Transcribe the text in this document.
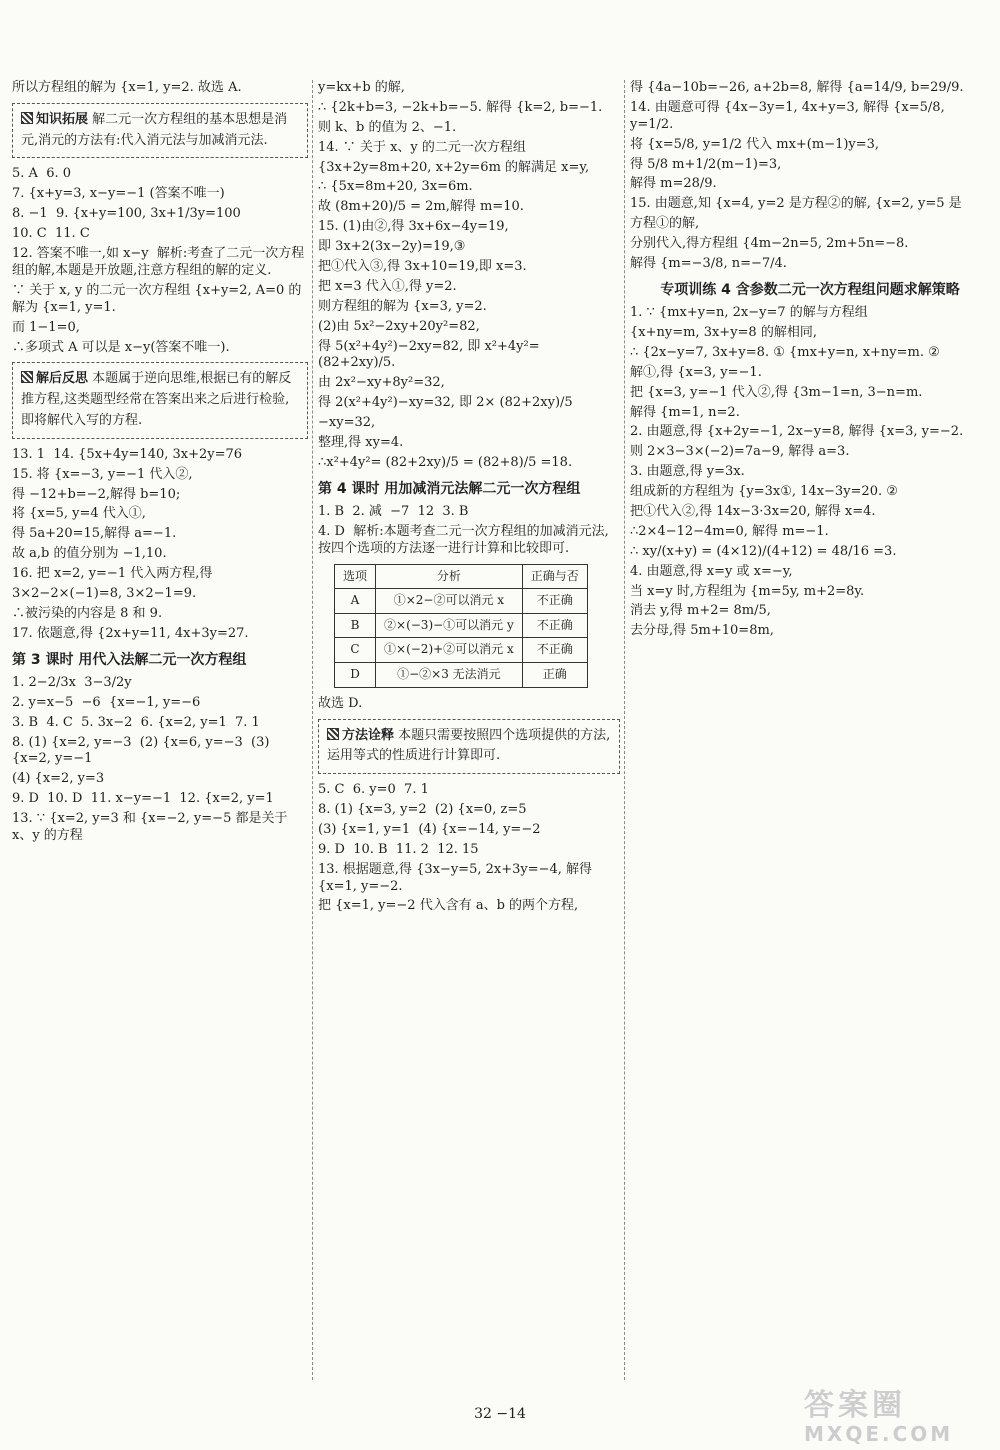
所以方程组的解为 {x=1, y=2. 故选 A.
知识拓展 解二元一次方程组的基本思想是消元,消元的方法有:代入消元法与加减消元法.
5. A  6. 0
7. {x+y=3, x−y=−1 (答案不唯一)
8. −1  9. {x+y=100, 3x+1/3y=100
10. C  11. C
12. 答案不唯一,如 x−y  解析:考查了二元一次方程组的解,本题是开放题,注意方程组的解的定义.
∵ 关于 x, y 的二元一次方程组 {x+y=2, A=0 的解为 {x=1, y=1.
而 1−1=0,
∴多项式 A 可以是 x−y(答案不唯一).
解后反思 本题属于逆向思维,根据已有的解反推方程,这类题型经常在答案出来之后进行检验,即将解代入写的方程.
13. 1  14. {5x+4y=140, 3x+2y=76
15. 将 {x=−3, y=−1 代入②,
得 −12+b=−2,解得 b=10;
将 {x=5, y=4 代入①,
得 5a+20=15,解得 a=−1.
故 a,b 的值分别为 −1,10.
16. 把 x=2, y=−1 代入两方程,得
3×2−2×(−1)=8, 3×2−1=9.
∴被污染的内容是 8 和 9.
17. 依题意,得 {2x+y=11, 4x+3y=27.
第 3 课时 用代入法解二元一次方程组
1. 2−2/3x  3−3/2y
2. y=x−5  −6  {x=−1, y=−6
3. B  4. C  5. 3x−2  6. {x=2, y=1  7. 1
8. (1) {x=2, y=−3  (2) {x=6, y=−3  (3) {x=2, y=−1
(4) {x=2, y=3
9. D  10. D  11. x−y=−1  12. {x=2, y=1
13. ∵ {x=2, y=3 和 {x=−2, y=−5 都是关于 x、y 的方程
y=kx+b 的解,
∴ {2k+b=3, −2k+b=−5. 解得 {k=2, b=−1.
则 k、b 的值为 2、−1.
14. ∵ 关于 x、y 的二元一次方程组
{3x+2y=8m+20, x+2y=6m 的解满足 x=y,
∴ {5x=8m+20, 3x=6m.
故 (8m+20)/5 = 2m,解得 m=10.
15. (1)由②,得 3x+6x−4y=19,
即 3x+2(3x−2y)=19,③
把①代入③,得 3x+10=19,即 x=3.
把 x=3 代入①,得 y=2.
则方程组的解为 {x=3, y=2.
(2)由 5x²−2xy+20y²=82,
得 5(x²+4y²)−2xy=82, 即 x²+4y²= (82+2xy)/5.
由 2x²−xy+8y²=32,
得 2(x²+4y²)−xy=32, 即 2× (82+2xy)/5
−xy=32,
整理,得 xy=4.
∴x²+4y²= (82+2xy)/5 = (82+8)/5 =18.
第 4 课时 用加减消元法解二元一次方程组
1. B  2. 减  −7  12  3. B
4. D  解析:本题考查二元一次方程组的加减消元法,按四个选项的方法逐一进行计算和比较即可.
选项	分析	正确与否
A	①×2−②可以消元 x	不正确
B	②×(−3)−①可以消元 y	不正确
C	①×(−2)+②可以消元 x	不正确
D	①−②×3 无法消元	正确
故选 D.
方法诠释 本题只需要按照四个选项提供的方法,运用等式的性质进行计算即可.
5. C  6. y=0  7. 1
8. (1) {x=3, y=2  (2) {x=0, z=5
(3) {x=1, y=1  (4) {x=−14, y=−2
9. D  10. B  11. 2  12. 15
13. 根据题意,得 {3x−y=5, 2x+3y=−4, 解得 {x=1, y=−2.
把 {x=1, y=−2 代入含有 a、b 的两个方程,
得 {4a−10b=−26, a+2b=8, 解得 {a=14/9, b=29/9.
14. 由题意可得 {4x−3y=1, 4x+y=3, 解得 {x=5/8, y=1/2.
将 {x=5/8, y=1/2 代入 mx+(m−1)y=3,
得 5/8 m+1/2(m−1)=3,
解得 m=28/9.
15. 由题意,知 {x=4, y=2 是方程②的解, {x=2, y=5 是
方程①的解,
分别代入,得方程组 {4m−2n=5, 2m+5n=−8.
解得 {m=−3/8, n=−7/4.
专项训练 4 含参数二元一次方程组问题求解策略
1. ∵ {mx+y=n, 2x−y=7 的解与方程组
{x+ny=m, 3x+y=8 的解相同,
∴ {2x−y=7, 3x+y=8. ① {mx+y=n, x+ny=m. ②
解①,得 {x=3, y=−1.
把 {x=3, y=−1 代入②,得 {3m−1=n, 3−n=m.
解得 {m=1, n=2.
2. 由题意,得 {x+2y=−1, 2x−y=8, 解得 {x=3, y=−2.
则 2×3−3×(−2)=7a−9, 解得 a=3.
3. 由题意,得 y=3x.
组成新的方程组为 {y=3x①, 14x−3y=20. ②
把①代入②,得 14x−3·3x=20, 解得 x=4.
∴2×4−12−4m=0, 解得 m=−1.
∴ xy/(x+y) = (4×12)/(4+12) = 48/16 =3.
4. 由题意,得 x=y 或 x=−y,
当 x=y 时,方程组为 {m=5y, m+2=8y.
消去 y,得 m+2= 8m/5,
去分母,得 5m+10=8m,
32 −14	答案圈
MXQE.COM
